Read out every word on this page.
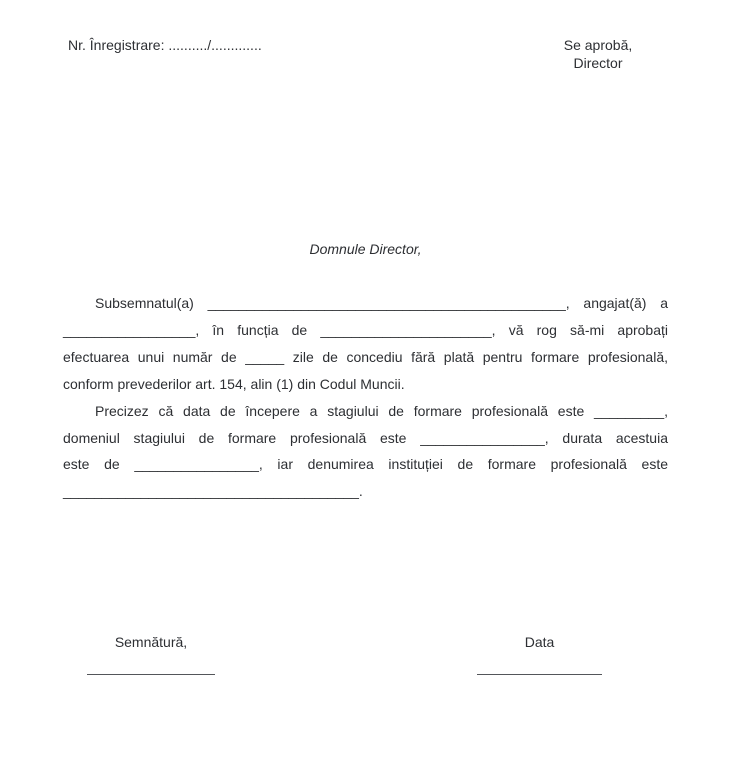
Nr. Înregistrare: ........../.............	Se aprobă,
Director
Domnule Director,
Subsemnatul(a) ______________________________________________, angajat(ă) a
_________________, în funcția de ______________________, vă rog să-mi aprobați
efectuarea unui număr de _____ zile de concediu fără plată pentru formare profesională,
conform prevederilor art. 154, alin (1) din Codul Muncii.
Precizez că data de începere a stagiului de formare profesională este _________,
domeniul stagiului de formare profesională este ________________, durata acestuia
este de ________________, iar denumirea instituției de formare profesională este
______________________________________.
Semnătură,	Data
